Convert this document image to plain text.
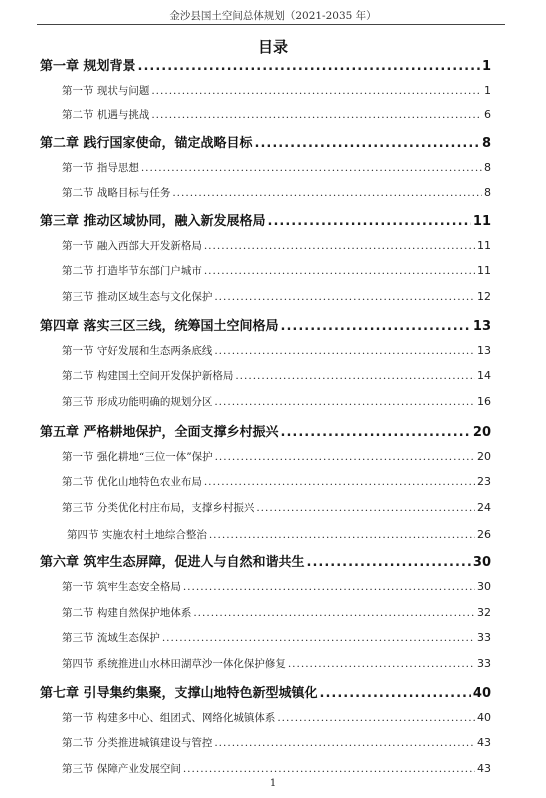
金沙县国土空间总体规划（2021-2035 年）
目录
第一章 规划背景 .....	1
第一节 现状与问题 .....	1
第二节 机遇与挑战 .....	6
第二章 践行国家使命，锚定战略目标 .....	8
第一节 指导思想 .....	8
第二节 战略目标与任务 .....	8
第三章 推动区域协同，融入新发展格局 .....	11
第一节 融入西部大开发新格局 .....	11
第二节 打造毕节东部门户城市 .....	11
第三节 推动区域生态与文化保护 .....	12
第四章 落实三区三线，统筹国土空间格局 .....	13
第一节 守好发展和生态两条底线 .....	13
第二节 构建国土空间开发保护新格局 .....	14
第三节 形成功能明确的规划分区 .....	16
第五章 严格耕地保护，全面支撑乡村振兴 .....	20
第一节 强化耕地“三位一体”保护 .....	20
第二节 优化山地特色农业布局 .....	23
第三节 分类优化村庄布局，支撑乡村振兴 .....	24
第四节 实施农村土地综合整治 .....	26
第六章 筑牢生态屏障，促进人与自然和谐共生 .....	30
第一节 筑牢生态安全格局 .....	30
第二节 构建自然保护地体系 .....	32
第三节 流域生态保护 .....	33
第四节 系统推进山水林田湖草沙一体化保护修复 .....	33
第七章 引导集约集聚，支撑山地特色新型城镇化 .....	40
第一节 构建多中心、组团式、网络化城镇体系 .....	40
第二节 分类推进城镇建设与管控 .....	43
第三节 保障产业发展空间 .....	43
1
